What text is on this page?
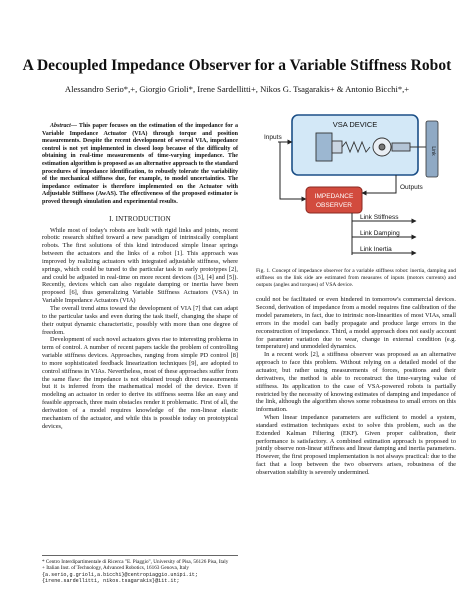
A Decoupled Impedance Observer for a Variable Stiffness Robot
Alessandro Serio*,+, Giorgio Grioli*, Irene Sardellitti+, Nikos G. Tsagarakis+ & Antonio Bicchi*,+

Abstract— This paper focuses on the estimation of the impedance for a Variable Impedance Actuator (VIA) through torque and position measurements. Despite the recent development of several VIA, impedance control is not yet implemented in closed loop because of the difficulty of obtaining in real-time measurements of time-varying impedance. The estimation algorithm is proposed as an alternative approach to the standard procedures of impedance identification, to robustly tolerate the variability of the mechanical stiffness due, for example, to model uncertainties. The impedance estimator is therefore implemented on the Actuator with Adjustable Stiffness (AwAS). The effectiveness of the proposed estimator is proved through simulation and experimental results.

I. INTRODUCTION

While most of today's robots are built with rigid links and joints, recent robotic research shifted toward a new paradigm of intrinsically compliant robots. The first solutions of this kind introduced simple linear springs between the actuators and the links of a robot [1]. This approach was improved by realizing actuators with integrated adjustable stiffness, where springs, which could be tuned to the particular task in early prototypes [2], and could be adjusted in real-time on more recent devices ([3], [4] and [5]). Recently, devices which can also regulate damping or inertia have been proposed [6], thus generalizing Variable Stiffness Actuators (VSA) in Variable Impedance Actuators (VIA)

The overall trend aims toward the development of VIA [7] that can adapt to the particular tasks and even during the task itself, changing the shape of their output dynamic characteristic, possibly with more than one degree of freedom.

Development of such novel actuators gives rise to interesting problems in term of control. A number of recent papers tackle the problem of controlling variable stiffness devices. Approaches, ranging from simple PD control [8] to more sophisticated feedback linearization techniques [9], are adopted to control stiffness in VIAs. Nevertheless, most of these approaches suffer from the same flaw: the impedance is not obtained trough direct measurements but it is inferred from the mathematical model of the device. Even if modeling an actuator in order to derive its stiffness seems like an easy and feasible approach, three main obstacles render it problematic. First of all, the derivation of a model requires knowledge of the non-linear elastic mechanism of the actuator, and while this is possible today on prototypical devices,

* Centro Interdipartimentale di Ricerca "E. Piaggio", University of Pisa, 56126 Pisa, Italy
+ Italian Inst. of Technology, Advanced Robotics, 16163 Genova, Italy
{a.serio,g.grioli,a.bicchi}@centropiaggio.unipi.it;
{irene.sardellitti, nikos.tsagarakis}@iit.it;
VSA DEVICE
Link
Inputs
IMPEDANCE
OBSERVER
Outputs
Link Stiffness
Link Damping
Link Inertia

Fig. 1. Concept of impedance observer for a variable stiffness robot: inertia, damping and stiffness on the link side are estimated from measures of inputs (motors currents) and outputs (angles and torques) of VSA device.

could not be facilitated or even hindered in tomorrow's commercial devices. Second, derivation of impedance from a model requires fine calibration of the model parameters, in fact, due to intrinsic non-linearities of most VIAs, small errors in the model can badly propagate and produce large errors in the reconstruction of impedance. Third, a model approach does not easily account for parameter variation due to wear, change in external condition (e.g. temperature) and unmodeled dynamics.

In a recent work [2], a stiffness observer was proposed as an alternative approach to face this problem. Without relying on a detailed model of the actuator, but rather using measurements of forces, positions and their derivatives, the method is able to reconstruct the time-varying value of stiffness. Its application to the case of VSA-powered robots is partially restricted by the necessity of knowing estimates of damping and impedance of the link, although the algorithm shows some robustness to small errors on this information.

When linear impedance parameters are sufficient to model a system, standard estimation techniques exist to solve this problem, such as the Extended Kalman Filtering (EKF). Given proper calibration, their performance is satisfactory. A combined estimation approach is proposed to jointly observe non-linear stiffness and linear damping and inertia parameters. However, the first proposed implementation is not always practical: due to the fact that a loop between the two observers arises, robustness of the observation stability is severely undermined.
